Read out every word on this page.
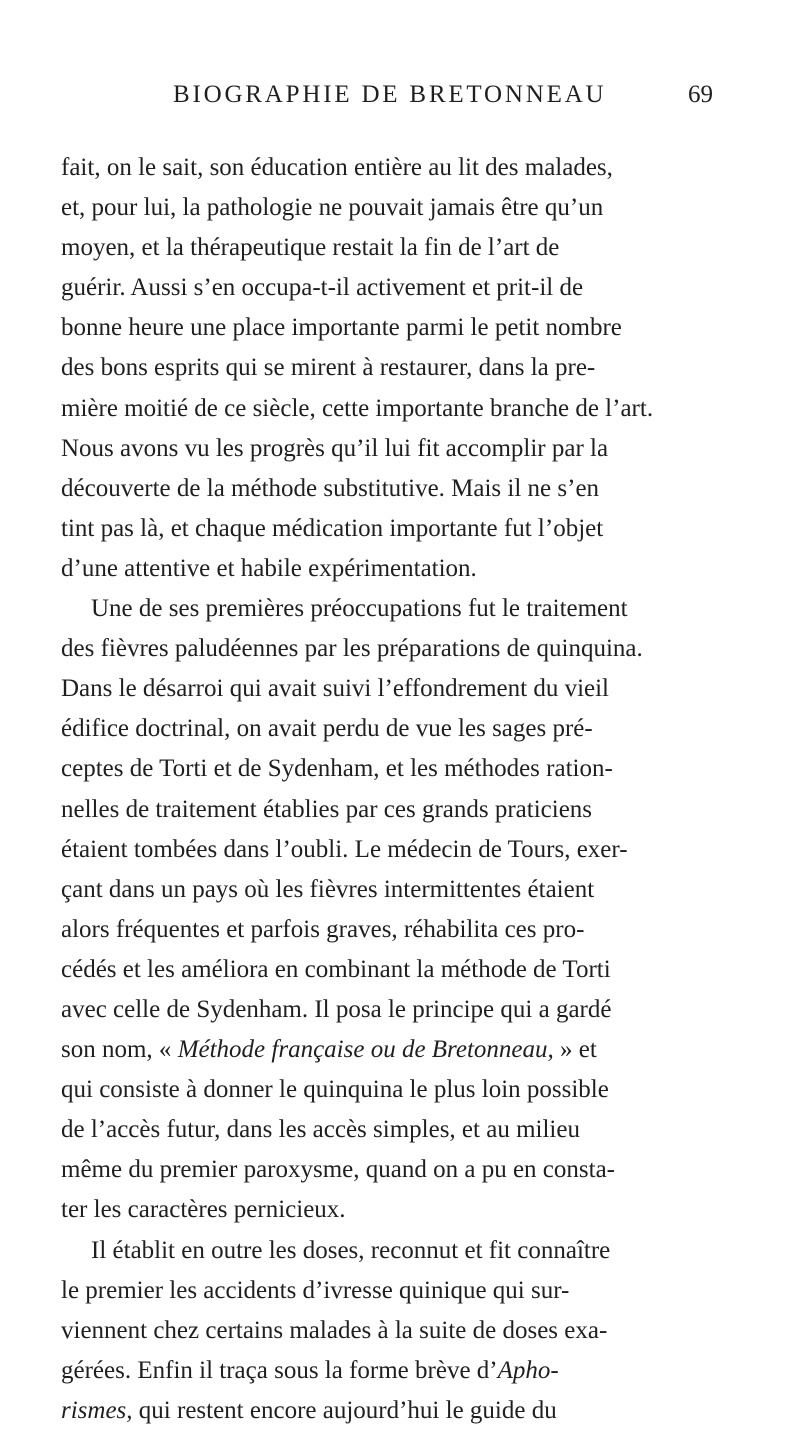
BIOGRAPHIE DE BRETONNEAU	69

fait, on le sait, son éducation entière au lit des malades,
et, pour lui, la pathologie ne pouvait jamais être qu’un
moyen, et la thérapeutique restait la fin de l’art de
guérir. Aussi s’en occupa-t-il activement et prit-il de
bonne heure une place importante parmi le petit nombre
des bons esprits qui se mirent à restaurer, dans la pre-
mière moitié de ce siècle, cette importante branche de l’art.
Nous avons vu les progrès qu’il lui fit accomplir par la
découverte de la méthode substitutive. Mais il ne s’en
tint pas là, et chaque médication importante fut l’objet
d’une attentive et habile expérimentation.

Une de ses premières préoccupations fut le traitement
des fièvres paludéennes par les préparations de quinquina.
Dans le désarroi qui avait suivi l’effondrement du vieil
édifice doctrinal, on avait perdu de vue les sages pré-
ceptes de Torti et de Sydenham, et les méthodes ration-
nelles de traitement établies par ces grands praticiens
étaient tombées dans l’oubli. Le médecin de Tours, exer-
çant dans un pays où les fièvres intermittentes étaient
alors fréquentes et parfois graves, réhabilita ces pro-
cédés et les améliora en combinant la méthode de Torti
avec celle de Sydenham. Il posa le principe qui a gardé
son nom, « Méthode française ou de Bretonneau, » et
qui consiste à donner le quinquina le plus loin possible
de l’accès futur, dans les accès simples, et au milieu
même du premier paroxysme, quand on a pu en consta-
ter les caractères pernicieux.

Il établit en outre les doses, reconnut et fit connaître
le premier les accidents d’ivresse quinique qui sur-
viennent chez certains malades à la suite de doses exa-
gérées. Enfin il traça sous la forme brève d’Apho-
rismes, qui restent encore aujourd’hui le guide du
